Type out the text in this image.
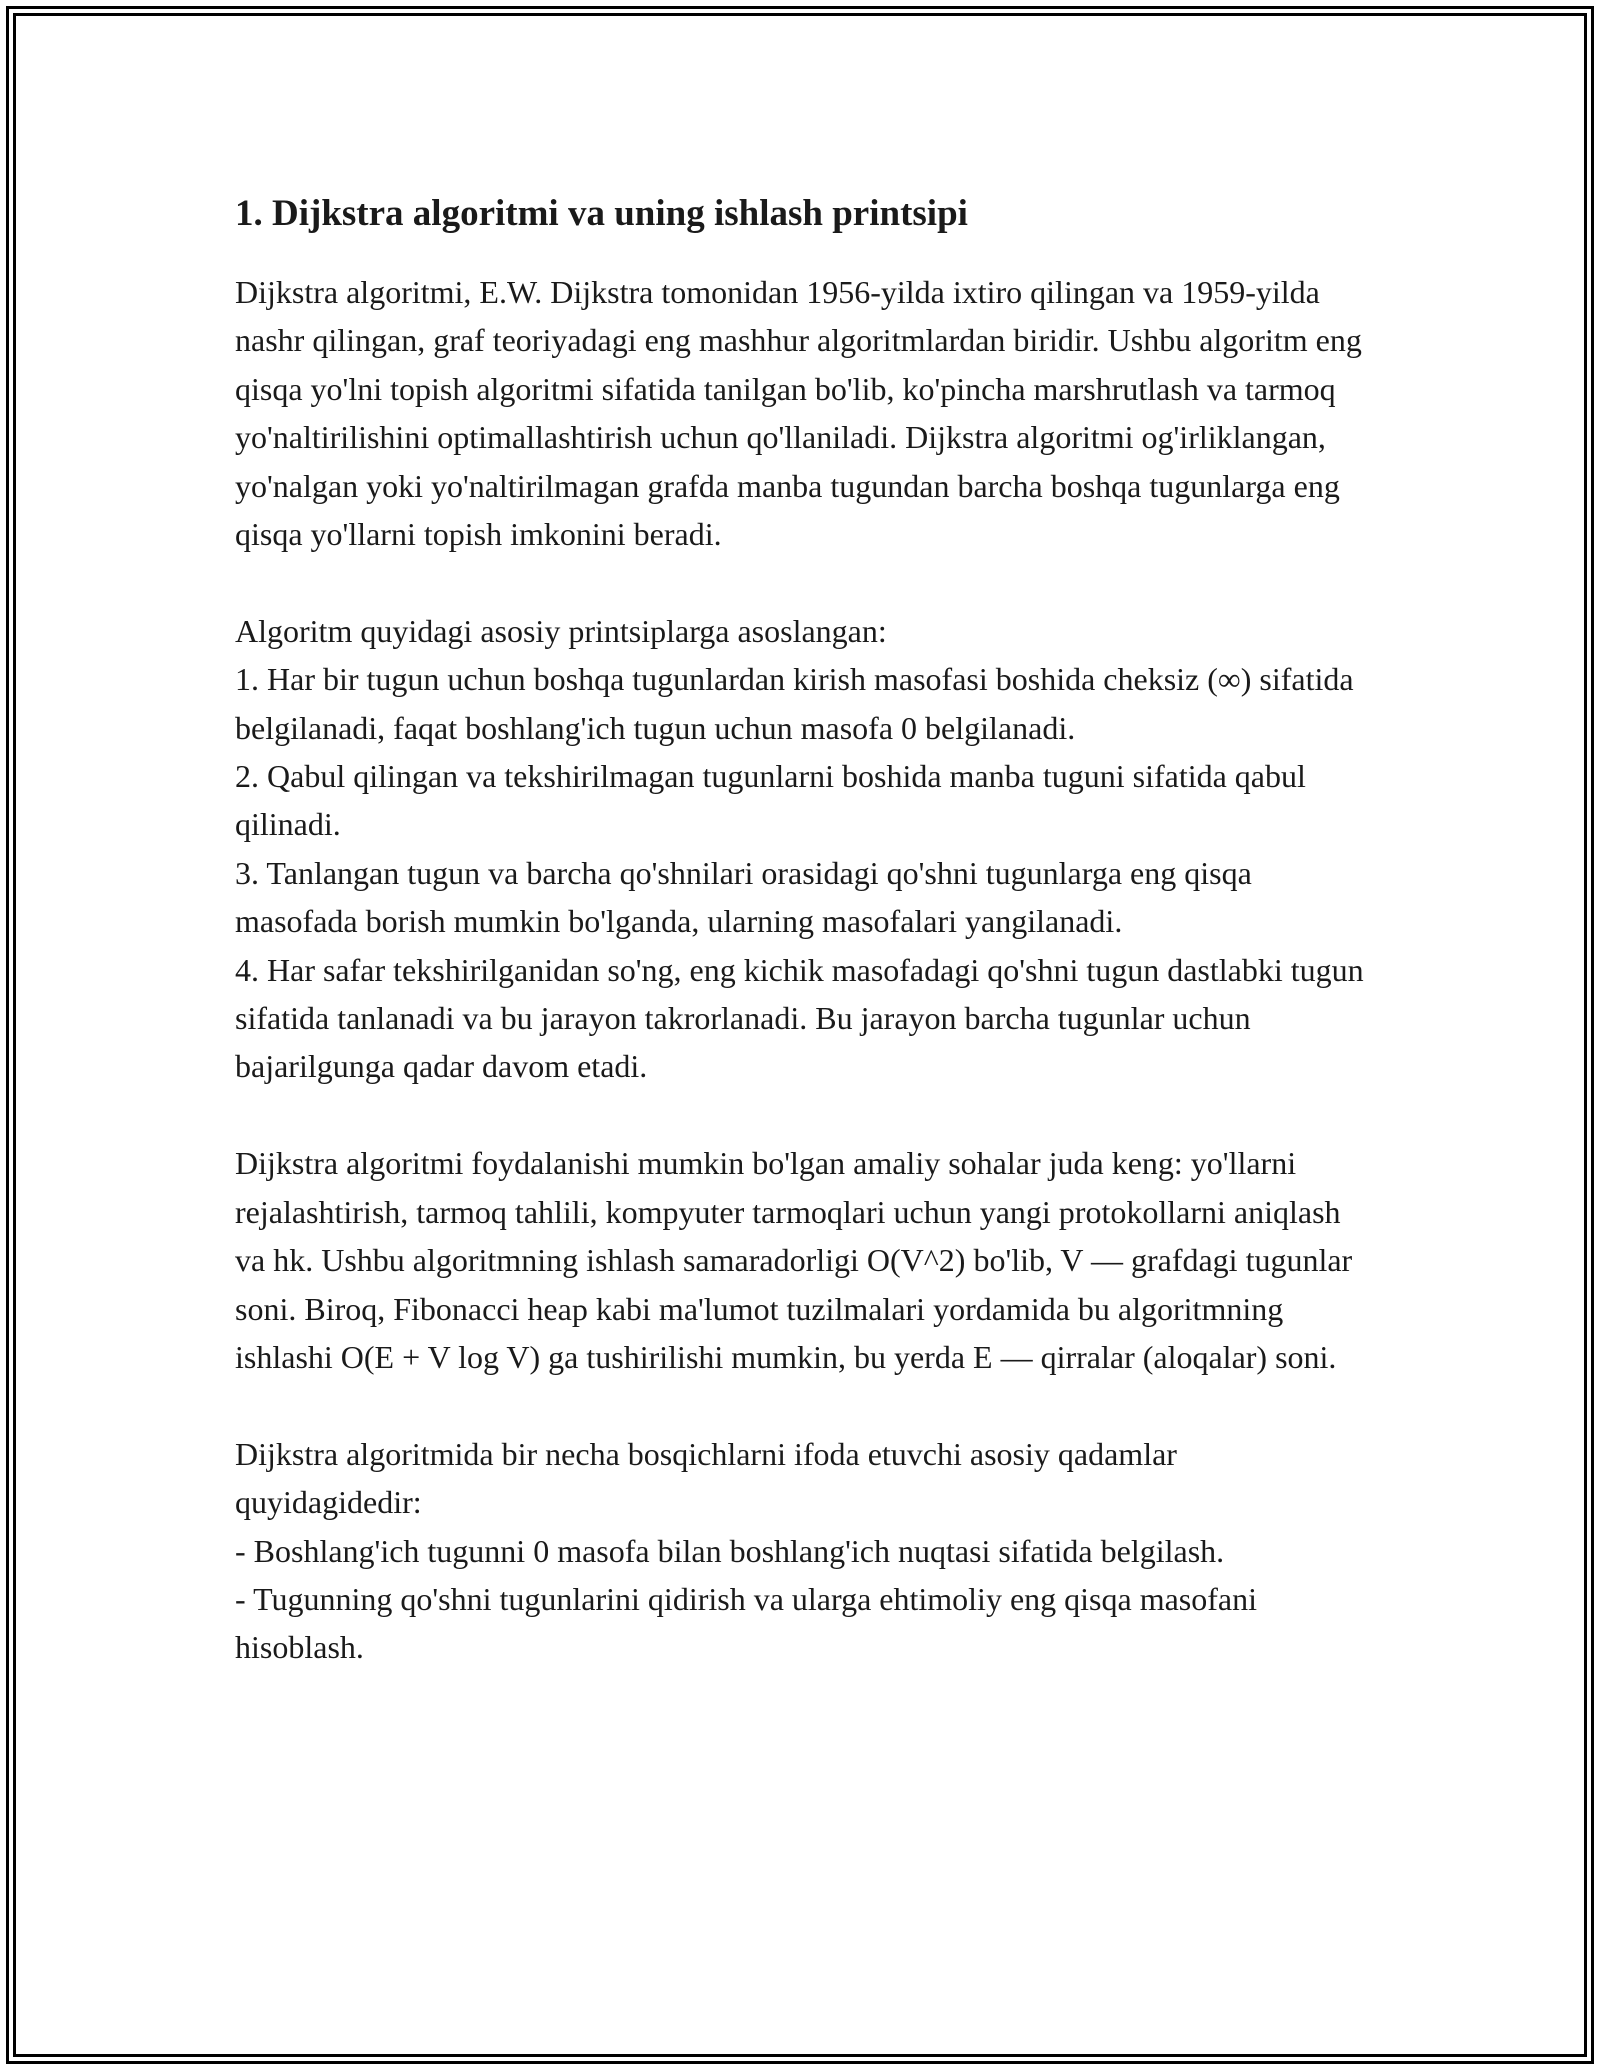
1. Dijkstra algoritmi va uning ishlash printsipi

Dijkstra algoritmi, E.W. Dijkstra tomonidan 1956-yilda ixtiro qilingan va 1959-yilda nashr qilingan, graf teoriyadagi eng mashhur algoritmlardan biridir. Ushbu algoritm eng qisqa yo'lni topish algoritmi sifatida tanilgan bo'lib, ko'pincha marshrutlash va tarmoq yo'naltirilishini optimallashtirish uchun qo'llaniladi. Dijkstra algoritmi og'irliklangan, yo'nalgan yoki yo'naltirilmagan grafda manba tugundan barcha boshqa tugunlarga eng qisqa yo'llarni topish imkonini beradi.

Algoritm quyidagi asosiy printsiplarga asoslangan:

1. Har bir tugun uchun boshqa tugunlardan kirish masofasi boshida cheksiz (∞) sifatida belgilanadi, faqat boshlang'ich tugun uchun masofa 0 belgilanadi.

2. Qabul qilingan va tekshirilmagan tugunlarni boshida manba tuguni sifatida qabul qilinadi.

3. Tanlangan tugun va barcha qo'shnilari orasidagi qo'shni tugunlarga eng qisqa masofada borish mumkin bo'lganda, ularning masofalari yangilanadi.

4. Har safar tekshirilganidan so'ng, eng kichik masofadagi qo'shni tugun dastlabki tugun sifatida tanlanadi va bu jarayon takrorlanadi. Bu jarayon barcha tugunlar uchun bajarilgunga qadar davom etadi.

Dijkstra algoritmi foydalanishi mumkin bo'lgan amaliy sohalar juda keng: yo'llarni rejalashtirish, tarmoq tahlili, kompyuter tarmoqlari uchun yangi protokollarni aniqlash va hk. Ushbu algoritmning ishlash samaradorligi O(V^2) bo'lib, V — grafdagi tugunlar soni. Biroq, Fibonacci heap kabi ma'lumot tuzilmalari yordamida bu algoritmning ishlashi O(E + V log V) ga tushirilishi mumkin, bu yerda E — qirralar (aloqalar) soni.

Dijkstra algoritmida bir necha bosqichlarni ifoda etuvchi asosiy qadamlar quyidagidedir:

- Boshlang'ich tugunni 0 masofa bilan boshlang'ich nuqtasi sifatida belgilash.

- Tugunning qo'shni tugunlarini qidirish va ularga ehtimoliy eng qisqa masofani hisoblash.
